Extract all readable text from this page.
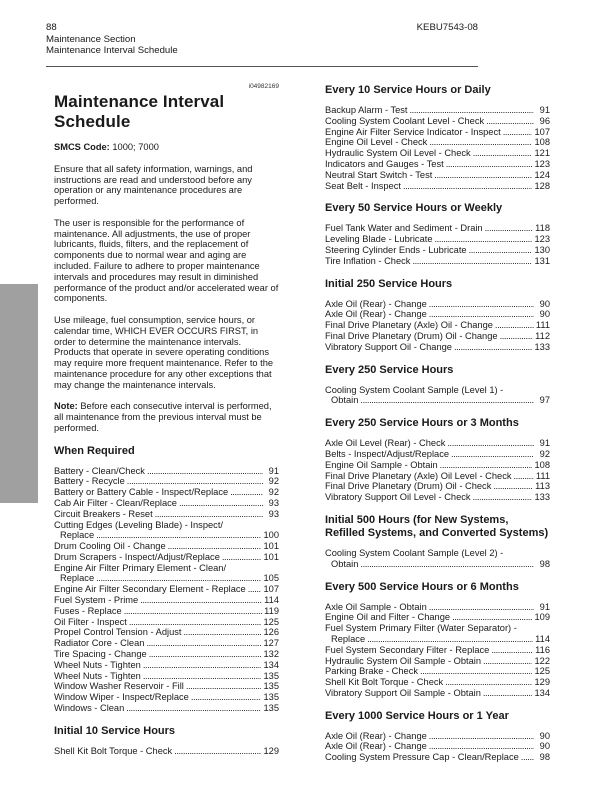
88
Maintenance Section
Maintenance Interval Schedule
KEBU7543-08
i04982169
Maintenance Interval Schedule
SMCS Code: 1000; 7000

Ensure that all safety information, warnings, and instructions are read and understood before any operation or any maintenance procedures are performed.

The user is responsible for the performance of maintenance. All adjustments, the use of proper lubricants, fluids, filters, and the replacement of components due to normal wear and aging are included. Failure to adhere to proper maintenance intervals and procedures may result in diminished performance of the product and/or accelerated wear of components.

Use mileage, fuel consumption, service hours, or calendar time, WHICH EVER OCCURS FIRST, in order to determine the maintenance intervals. Products that operate in severe operating conditions may require more frequent maintenance. Refer to the maintenance procedure for any other exceptions that may change the maintenance intervals.

Note: Before each consecutive interval is performed, all maintenance from the previous interval must be performed.

When Required
Battery - Clean/Check . . .	91
Battery - Recycle . . .	92
Battery or Battery Cable - Inspect/Replace . . .	92
Cab Air Filter - Clean/Replace . . .	93
Circuit Breakers - Reset . . .	93
Cutting Edges (Leveling Blade) - Inspect/
Replace . . .	100
Drum Cooling Oil - Change . . .	101
Drum Scrapers - Inspect/Adjust/Replace . . .	101
Engine Air Filter Primary Element - Clean/
Replace . . .	105
Engine Air Filter Secondary Element - Replace . . . 107
Fuel System - Prime . . .	114
Fuses - Replace . . .	119
Oil Filter - Inspect . . .	125
Propel Control Tension - Adjust . . .	126
Radiator Core - Clean . . .	127
Tire Spacing - Change . . .	132
Wheel Nuts - Tighten . . .	134
Wheel Nuts - Tighten . . .	135
Window Washer Reservoir - Fill . . .	135
Window Wiper - Inspect/Replace . . .	135
Windows - Clean . . .	135
Initial 10 Service Hours
Shell Kit Bolt Torque - Check . . .	129
Every 10 Service Hours or Daily
Backup Alarm - Test . . .	91
Cooling System Coolant Level - Check . . .	96
Engine Air Filter Service Indicator - Inspect . . .	107
Engine Oil Level - Check . . .	108
Hydraulic System Oil Level - Check . . .	121
Indicators and Gauges - Test . . .	123
Neutral Start Switch - Test . . .	124
Seat Belt - Inspect . . .	128
Every 50 Service Hours or Weekly
Fuel Tank Water and Sediment - Drain . . .	118
Leveling Blade - Lubricate . . .	123
Steering Cylinder Ends - Lubricate . . .	130
Tire Inflation - Check . . .	131
Initial 250 Service Hours
Axle Oil (Rear) - Change . . .	90
Axle Oil (Rear) - Change . . .	90
Final Drive Planetary (Axle) Oil - Change . . .	111
Final Drive Planetary (Drum) Oil - Change . . .	112
Vibratory Support Oil - Change . . .	133
Every 250 Service Hours
Cooling System Coolant Sample (Level 1) -
Obtain . . .	97
Every 250 Service Hours or 3 Months
Axle Oil Level (Rear) - Check . . .	91
Belts - Inspect/Adjust/Replace . . .	92
Engine Oil Sample - Obtain . . .	108
Final Drive Planetary (Axle) Oil Level - Check . . .	111
Final Drive Planetary (Drum) Oil - Check . . .	113
Vibratory Support Oil Level - Check . . .	133
Initial 500 Hours (for New Systems, Refilled Systems, and Converted Systems)
Cooling System Coolant Sample (Level 2) -
Obtain . . .	98
Every 500 Service Hours or 6 Months
Axle Oil Sample - Obtain . . .	91
Engine Oil and Filter - Change . . .	109
Fuel System Primary Filter (Water Separator) -
Replace . . .	114
Fuel System Secondary Filter - Replace . . .	116
Hydraulic System Oil Sample - Obtain . . .	122
Parking Brake - Check . . .	125
Shell Kit Bolt Torque - Check . . .	129
Vibratory Support Oil Sample - Obtain . . .	134
Every 1000 Service Hours or 1 Year
Axle Oil (Rear) - Change . . .	90
Axle Oil (Rear) - Change . . .	90
Cooling System Pressure Cap - Clean/Replace . . .	98
